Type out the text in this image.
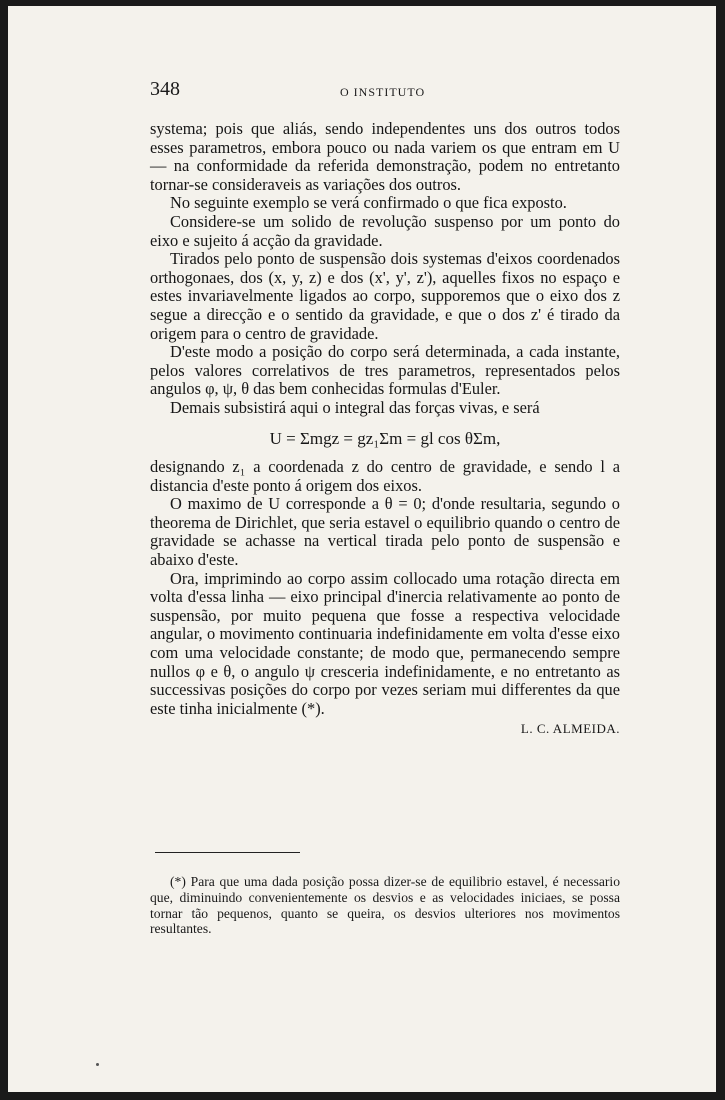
348	O INSTITUTO

systema; pois que aliás, sendo independentes uns dos outros todos esses parametros, embora pouco ou nada variem os que entram em U — na conformidade da referida demonstração, podem no entretanto tornar-se consideraveis as variações dos outros.

No seguinte exemplo se verá confirmado o que fica exposto.

Considere-se um solido de revolução suspenso por um ponto do eixo e sujeito á acção da gravidade.

Tirados pelo ponto de suspensão dois systemas d'eixos coordenados orthogonaes, dos (x, y, z) e dos (x', y', z'), aquelles fixos no espaço e estes invariavelmente ligados ao corpo, supporemos que o eixo dos z segue a direcção e o sentido da gravidade, e que o dos z' é tirado da origem para o centro de gravidade.

D'este modo a posição do corpo será determinada, a cada instante, pelos valores correlativos de tres parametros, representados pelos angulos φ, ψ, θ das bem conhecidas formulas d'Euler.

Demais subsistirá aqui o integral das forças vivas, e será

U = Σmgz = gz₁Σm = gl cos θΣm,

designando z₁ a coordenada z do centro de gravidade, e sendo l a distancia d'este ponto á origem dos eixos.

O maximo de U corresponde a θ = 0; d'onde resultaria, segundo o theorema de Dirichlet, que seria estavel o equilibrio quando o centro de gravidade se achasse na vertical tirada pelo ponto de suspensão e abaixo d'este.

Ora, imprimindo ao corpo assim collocado uma rotação directa em volta d'essa linha — eixo principal d'inercia relativamente ao ponto de suspensão, por muito pequena que fosse a respectiva velocidade angular, o movimento continuaria indefinidamente em volta d'esse eixo com uma velocidade constante; de modo que, permanecendo sempre nullos φ e θ, o angulo ψ cresceria indefinidamente, e no entretanto as successivas posições do corpo por vezes seriam mui differentes da que este tinha inicialmente (*).

L. C. ALMEIDA.

(*) Para que uma dada posição possa dizer-se de equilibrio estavel, é necessario que, diminuindo convenientemente os desvios e as velocidades iniciaes, se possa tornar tão pequenos, quanto se queira, os desvios ulteriores nos movimentos resultantes.
